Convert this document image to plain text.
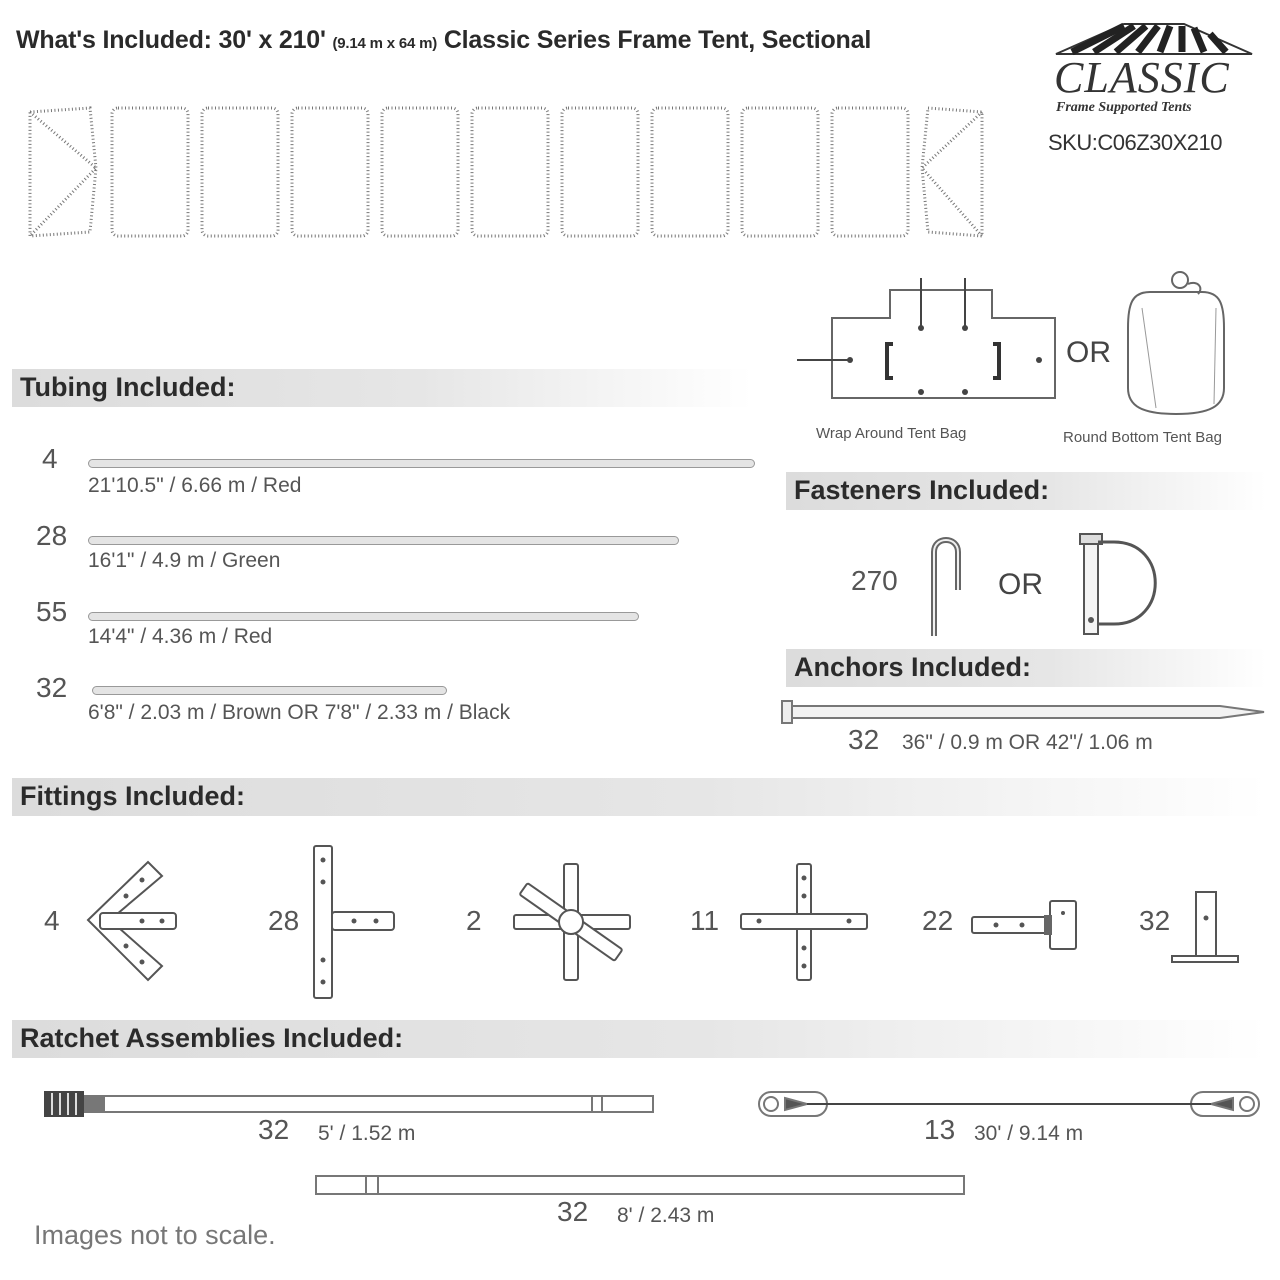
What's Included: 30' x 210' (9.14 m x 64 m) Classic Series Frame Tent, Sectional
CLASSIC
Frame Supported Tents
SKU:C06Z30X210
OR
Wrap Around Tent Bag	Round Bottom Tent Bag
Tubing Included:
4
21'10.5" / 6.66 m / Red
28
16'1" / 4.9 m / Green
55
14'4" / 4.36 m / Red
32
6'8" / 2.03 m / Brown OR 7'8" / 2.33 m / Black
Fasteners Included:
270	OR
Anchors Included:
32 36" / 0.9 m OR 42"/ 1.06 m
Fittings Included:
4	28	2	11	22	32
Ratchet Assemblies Included:
32 5' / 1.52 m	13 30' / 9.14 m
32 8' / 2.43 m
Images not to scale.
